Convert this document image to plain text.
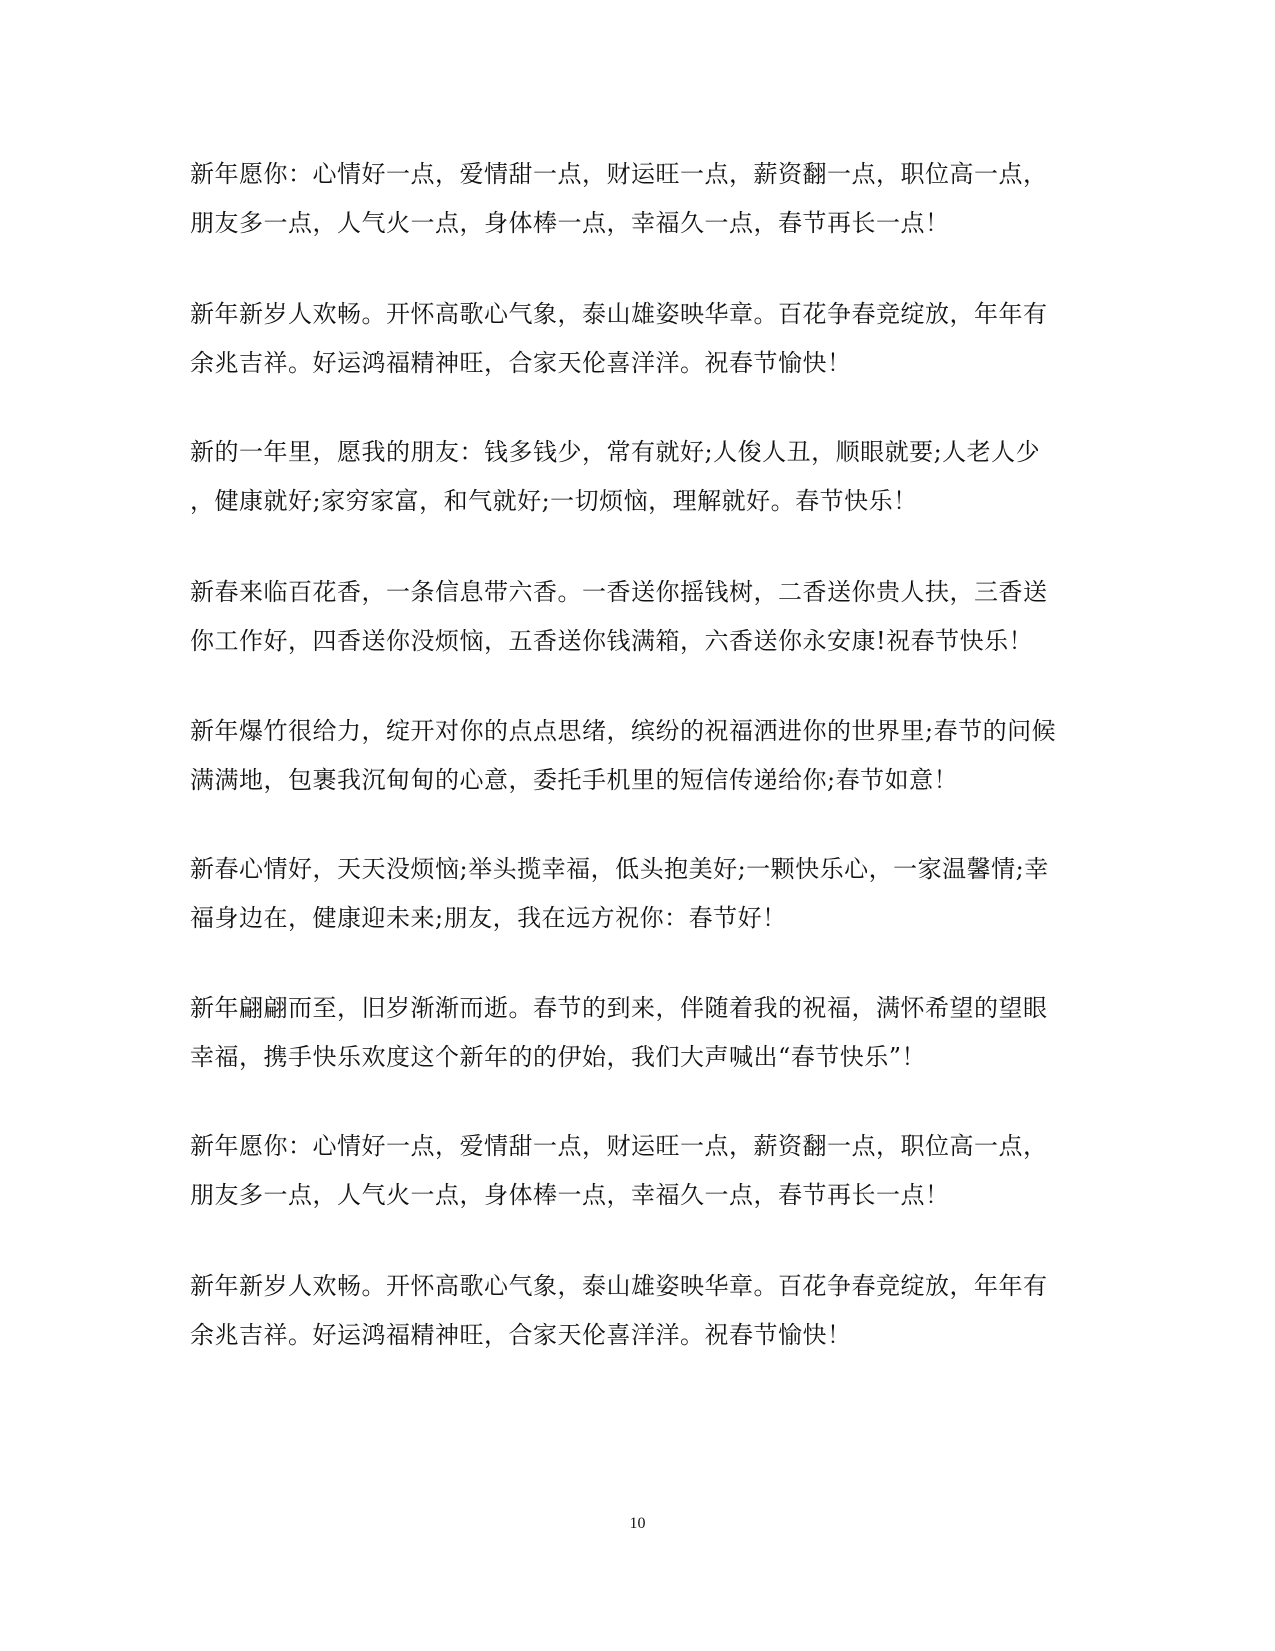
新年愿你：心情好一点，爱情甜一点，财运旺一点，薪资翻一点，职位高一点，
朋友多一点，人气火一点，身体棒一点，幸福久一点，春节再长一点！
新年新岁人欢畅。开怀高歌心气象，泰山雄姿映华章。百花争春竞绽放，年年有
余兆吉祥。好运鸿福精神旺，合家天伦喜洋洋。祝春节愉快！
新的一年里，愿我的朋友：钱多钱少，常有就好;人俊人丑，顺眼就要;人老人少
，健康就好;家穷家富，和气就好;一切烦恼，理解就好。春节快乐！
新春来临百花香，一条信息带六香。一香送你摇钱树，二香送你贵人扶，三香送
你工作好，四香送你没烦恼，五香送你钱满箱，六香送你永安康!祝春节快乐！
新年爆竹很给力，绽开对你的点点思绪，缤纷的祝福洒进你的世界里;春节的问候
满满地，包裹我沉甸甸的心意，委托手机里的短信传递给你;春节如意！
新春心情好，天天没烦恼;举头揽幸福，低头抱美好;一颗快乐心，一家温馨情;幸
福身边在，健康迎未来;朋友，我在远方祝你：春节好！
新年翩翩而至，旧岁渐渐而逝。春节的到来，伴随着我的祝福，满怀希望的望眼
幸福，携手快乐欢度这个新年的的伊始，我们大声喊出“春节快乐”！
新年愿你：心情好一点，爱情甜一点，财运旺一点，薪资翻一点，职位高一点，
朋友多一点，人气火一点，身体棒一点，幸福久一点，春节再长一点！
新年新岁人欢畅。开怀高歌心气象，泰山雄姿映华章。百花争春竞绽放，年年有
余兆吉祥。好运鸿福精神旺，合家天伦喜洋洋。祝春节愉快！
10
